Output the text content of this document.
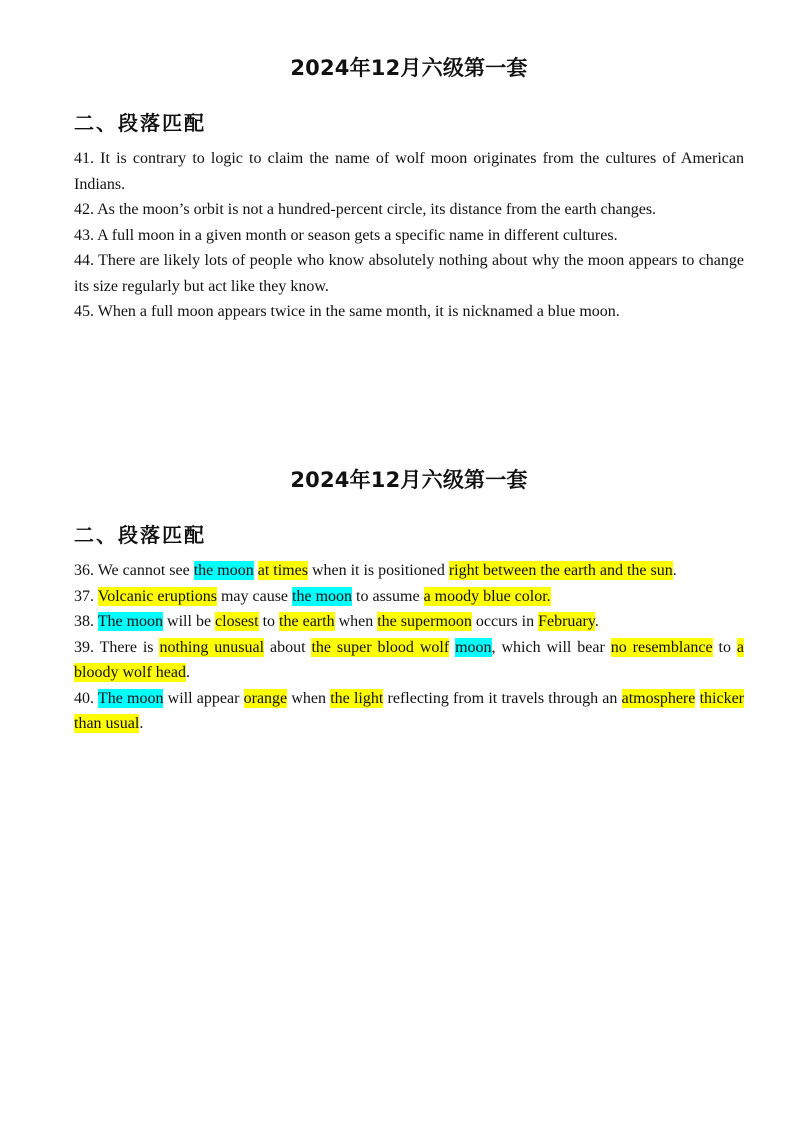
2024年12月六级第一套
二、段落匹配

41. It is contrary to logic to claim the name of wolf moon originates from the cultures of American Indians.

42. As the moon’s orbit is not a hundred-percent circle, its distance from the earth changes.

43. A full moon in a given month or season gets a specific name in different cultures.

44. There are likely lots of people who know absolutely nothing about why the moon appears to change its size regularly but act like they know.

45. When a full moon appears twice in the same month, it is nicknamed a blue moon.

2024年12月六级第一套
二、段落匹配

36. We cannot see the moon at times when it is positioned right between the earth and the sun.

37. Volcanic eruptions may cause the moon to assume a moody blue color.

38. The moon will be closest to the earth when the supermoon occurs in February.

39. There is nothing unusual about the super blood wolf moon, which will bear no resemblance to a bloody wolf head.

40. The moon will appear orange when the light reflecting from it travels through an atmosphere thicker than usual.
